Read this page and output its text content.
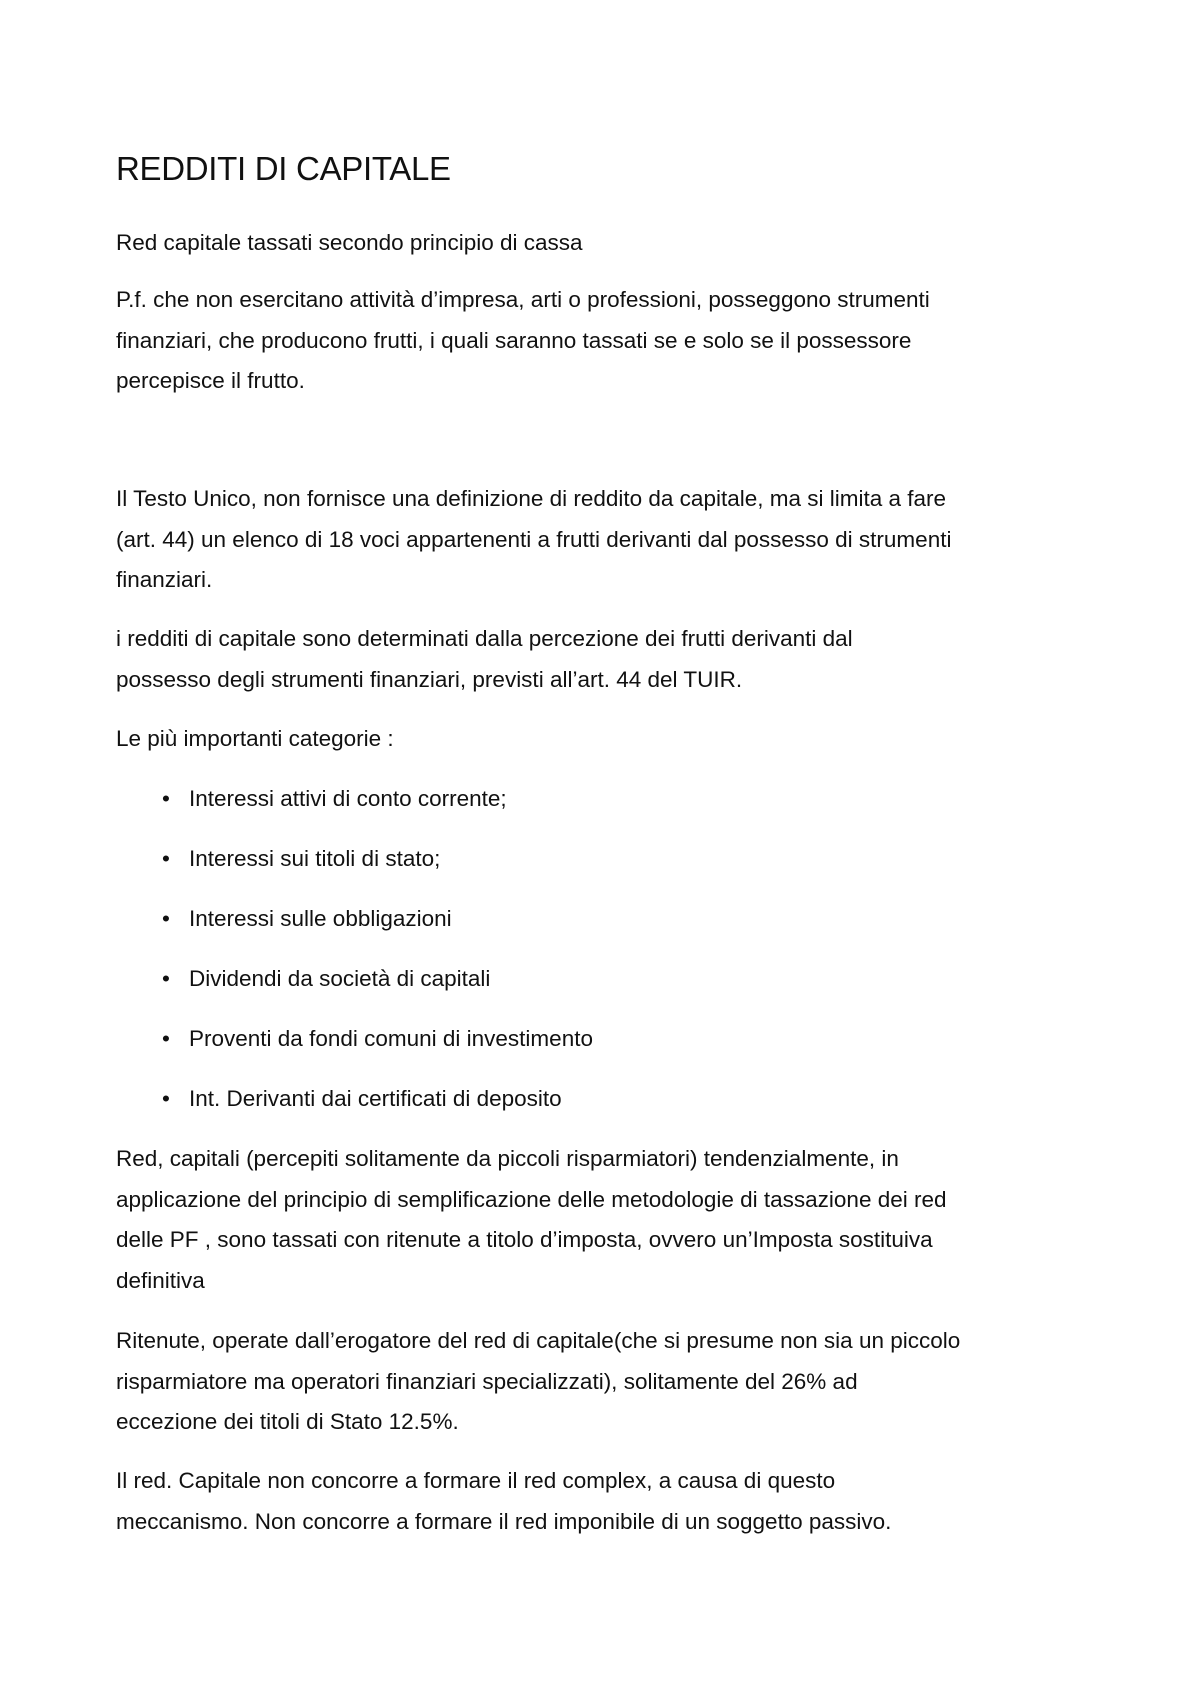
REDDITI DI CAPITALE

Red capitale tassati secondo principio di cassa

P.f. che non esercitano attività d’impresa, arti o professioni, posseggono strumenti
finanziari, che producono frutti, i quali saranno tassati se e solo se il possessore
percepisce il frutto.

Il Testo Unico, non fornisce una definizione di reddito da capitale, ma si limita a fare
(art. 44) un elenco di 18 voci appartenenti a frutti derivanti dal possesso di strumenti
finanziari.

i redditi di capitale sono determinati dalla percezione dei frutti derivanti dal
possesso degli strumenti finanziari, previsti all’art. 44 del TUIR.

Le più importanti categorie :

• Interessi attivi di conto corrente;
• Interessi sui titoli di stato;
• Interessi sulle obbligazioni
• Dividendi da società di capitali
• Proventi da fondi comuni di investimento
• Int. Derivanti dai certificati di deposito

Red, capitali (percepiti solitamente da piccoli risparmiatori) tendenzialmente, in
applicazione del principio di semplificazione delle metodologie di tassazione dei red
delle PF , sono tassati con ritenute a titolo d’imposta, ovvero un’Imposta sostituiva
definitiva

Ritenute, operate dall’erogatore del red di capitale(che si presume non sia un piccolo
risparmiatore ma operatori finanziari specializzati), solitamente del 26% ad
eccezione dei titoli di Stato 12.5%.

Il red. Capitale non concorre a formare il red complex, a causa di questo
meccanismo. Non concorre a formare il red imponibile di un soggetto passivo.
